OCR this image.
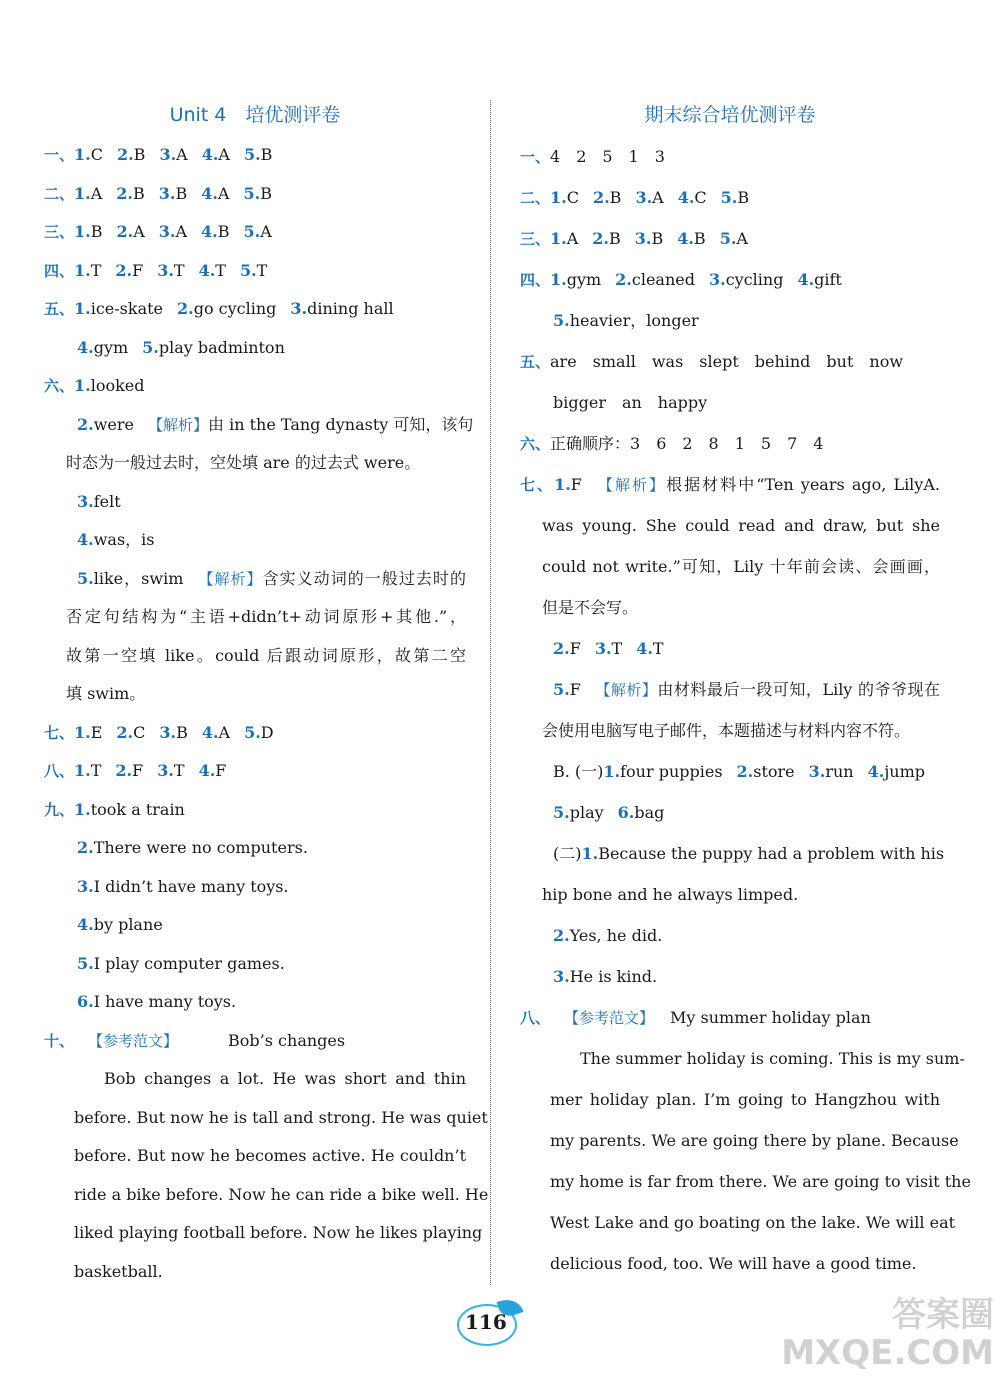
Unit 4　培优测评卷
一、1.C 2.B 3.A 4.A 5.B
二、1.A 2.B 3.B 4.A 5.B
三、1.B 2.A 3.A 4.B 5.A
四、1.T 2.F 3.T 4.T 5.T
五、1.ice-skate 2.go cycling 3.dining hall
4.gym 5.play badminton
六、1.looked
2.were 【解析】由 in the Tang dynasty 可知，该句
时态为一般过去时，空处填 are 的过去式 were。
3.felt
4.was，is
5.like，swim 【解析】含实义动词的一般过去时的
否定句结构为“主语+didn’t+动词原形+其他.”，
故第一空填 like。could 后跟动词原形，故第二空
填 swim。
七、1.E 2.C 3.B 4.A 5.D
八、1.T 2.F 3.T 4.F
九、1.took a train
2.There were no computers.
3.I didn’t have many toys.
4.by plane
5.I play computer games.
6.I have many toys.
十、 【参考范文】	Bob’s changes
Bob changes a lot. He was short and thin
before. But now he is tall and strong. He was quiet
before. But now he becomes active. He couldn’t
ride a bike before. Now he can ride a bike well. He
liked playing football before. Now he likes playing
basketball.
期末综合培优测评卷
一、4　2　5　1　3
二、1.C 2.B 3.A 4.C 5.B
三、1.A 2.B 3.B 4.B 5.A
四、1.gym 2.cleaned 3.cycling 4.gift
5.heavier，longer
五、are　small　was　slept　behind　but　now
bigger　an　happy
六、正确顺序：3　6　2　8　1　5　7　4
七、1.F 【解析】根据材料中“Ten years ago, LilyA.
was young. She could read and draw, but she
could not write.”可知，Lily 十年前会读、会画画，
但是不会写。
2.F 3.T 4.T
5.F 【解析】由材料最后一段可知，Lily 的爷爷现在
会使用电脑写电子邮件，本题描述与材料内容不符。
B. (一)1.four puppies 2.store 3.run 4.jump
5.play 6.bag
(二)1.Because the puppy had a problem with his
hip bone and he always limped.
2.Yes, he did.
3.He is kind.
八、 【参考范文】 My summer holiday plan
The summer holiday is coming. This is my sum-
mer holiday plan. I’m going to Hangzhou with
my parents. We are going there by plane. Because
my home is far from there. We are going to visit the
West Lake and go boating on the lake. We will eat
delicious food, too. We will have a good time.
116	答案圈
MXQE.COM
